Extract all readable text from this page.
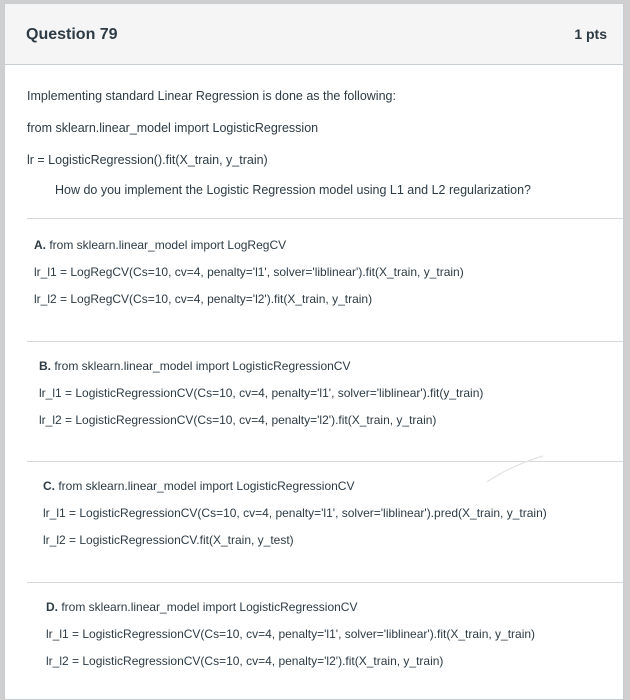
Question 79	1 pts
Implementing standard Linear Regression is done as the following:
from sklearn.linear_model import LogisticRegression
lr = LogisticRegression().fit(X_train, y_train)
How do you implement the Logistic Regression model using L1 and L2 regularization?
A. from sklearn.linear_model import LogRegCV
lr_l1 = LogRegCV(Cs=10, cv=4, penalty='l1', solver='liblinear').fit(X_train, y_train)
lr_l2 = LogRegCV(Cs=10, cv=4, penalty='l2').fit(X_train, y_train)
B. from sklearn.linear_model import LogisticRegressionCV
lr_l1 = LogisticRegressionCV(Cs=10, cv=4, penalty='l1', solver='liblinear').fit(y_train)
lr_l2 = LogisticRegressionCV(Cs=10, cv=4, penalty='l2').fit(X_train, y_train)
C. from sklearn.linear_model import LogisticRegressionCV
lr_l1 = LogisticRegressionCV(Cs=10, cv=4, penalty='l1', solver='liblinear').pred(X_train, y_train)
lr_l2 = LogisticRegressionCV.fit(X_train, y_test)
D. from sklearn.linear_model import LogisticRegressionCV
lr_l1 = LogisticRegressionCV(Cs=10, cv=4, penalty='l1', solver='liblinear').fit(X_train, y_train)
lr_l2 = LogisticRegressionCV(Cs=10, cv=4, penalty='l2').fit(X_train, y_train)
